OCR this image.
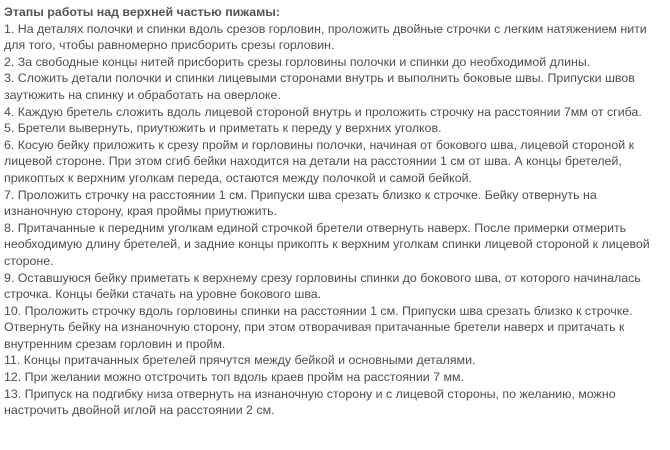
Этапы работы над верхней частью пижамы:

1. На деталях полочки и спинки вдоль срезов горловин, проложить двойные строчки с легким натяжением нити для того, чтобы равномерно присборить срезы горловин.
2. За свободные концы нитей присборить срезы горловины полочки и спинки до необходимой длины.
3. Сложить детали полочки и спинки лицевыми сторонами внутрь и выполнить боковые швы. Припуски швов заутюжить на спинку и обработать на оверлоке.
4. Каждую бретель сложить вдоль лицевой стороной внутрь и проложить строчку на расстоянии 7мм от сгиба.
5. Бретели вывернуть, приутюжить и приметать к переду у верхних уголков.
6. Косую бейку приложить к срезу пройм и горловины полочки, начиная от бокового шва, лицевой стороной к лицевой стороне. При этом сгиб бейки находится на детали на расстоянии 1 см от шва. А концы бретелей, прикоптых к верхним уголкам переда, остаются между полочкой и самой бейкой.
7. Проложить строчку на расстоянии 1 см. Припуски шва срезать близко к строчке. Бейку отвернуть на изнаночную сторону, края проймы приутюжить.
8. Притачанные к передним уголкам единой строчкой бретели отвернуть наверх. После примерки отмерить необходимую длину бретелей, и задние концы прикопть к верхним уголкам спинки лицевой стороной к лицевой стороне.
9. Оставшуюся бейку приметать к верхнему срезу горловины спинки до бокового шва, от которого начиналась строчка. Концы бейки стачать на уровне бокового шва.
10. Проложить строчку вдоль горловины спинки на расстоянии 1 см. Припуски шва срезать близко к строчке. Отвернуть бейку на изнаночную сторону, при этом отворачивая притачанные бретели наверх и притачать к внутренним срезам горловин и пройм.
11. Концы притачанных бретелей прячутся между бейкой и основными деталями.
12. При желании можно отстрочить топ вдоль краев пройм на расстоянии 7 мм.
13. Припуск на подгибку низа отвернуть на изнаночную сторону и с лицевой стороны, по желанию, можно настрочить двойной иглой на расстоянии 2 см.
